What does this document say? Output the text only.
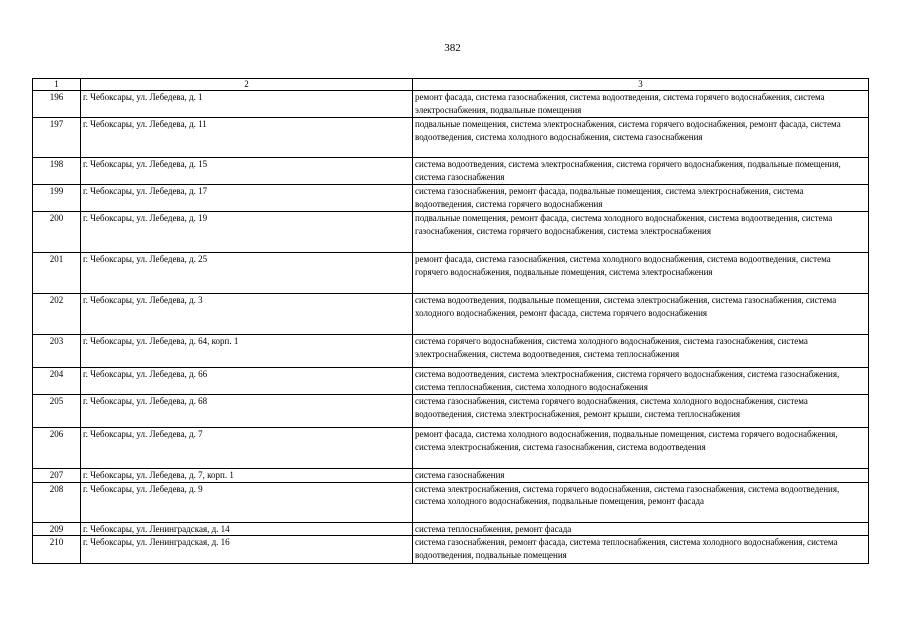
382
1	2	3
196	г. Чебоксары, ул. Лебедева, д. 1	ремонт фасада, система газоснабжения, система водоотведения, система горячего водоснабжения, система электроснабжения, подвальные помещения
197	г. Чебоксары, ул. Лебедева, д. 11	подвальные помещения, система электроснабжения, система горячего водоснабжения, ремонт фасада, система водоотведения, система холодного водоснабжения, система газоснабжения
198	г. Чебоксары, ул. Лебедева, д. 15	система водоотведения, система электроснабжения, система горячего водоснабжения, подвальные помещения, система газоснабжения
199	г. Чебоксары, ул. Лебедева, д. 17	система газоснабжения, ремонт фасада, подвальные помещения, система электроснабжения, система водоотведения, система горячего водоснабжения
200	г. Чебоксары, ул. Лебедева, д. 19	подвальные помещения, ремонт фасада, система холодного водоснабжения, система водоотведения, система газоснабжения, система горячего водоснабжения, система электроснабжения
201	г. Чебоксары, ул. Лебедева, д. 25	ремонт фасада, система газоснабжения, система холодного водоснабжения, система водоотведения, система горячего водоснабжения, подвальные помещения, система электроснабжения
202	г. Чебоксары, ул. Лебедева, д. 3	система водоотведения, подвальные помещения, система электроснабжения, система газоснабжения, система холодного водоснабжения, ремонт фасада, система горячего водоснабжения
203	г. Чебоксары, ул. Лебедева, д. 64, корп. 1	система горячего водоснабжения, система холодного водоснабжения, система газоснабжения, система электроснабжения, система водоотведения, система теплоснабжения
204	г. Чебоксары, ул. Лебедева, д. 66	система водоотведения, система электроснабжения, система горячего водоснабжения, система газоснабжения, система теплоснабжения, система холодного водоснабжения
205	г. Чебоксары, ул. Лебедева, д. 68	система газоснабжения, система горячего водоснабжения, система холодного водоснабжения, система водоотведения, система электроснабжения, ремонт крыши, система теплоснабжения
206	г. Чебоксары, ул. Лебедева, д. 7	ремонт фасада, система холодного водоснабжения, подвальные помещения, система горячего водоснабжения, система электроснабжения, система газоснабжения, система водоотведения
207	г. Чебоксары, ул. Лебедева, д. 7, корп. 1	система газоснабжения
208	г. Чебоксары, ул. Лебедева, д. 9	система электроснабжения, система горячего водоснабжения, система газоснабжения, система водоотведения, система холодного водоснабжения, подвальные помещения, ремонт фасада
209	г. Чебоксары, ул. Ленинградская, д. 14	система теплоснабжения, ремонт фасада
210	г. Чебоксары, ул. Ленинградская, д. 16	система газоснабжения, ремонт фасада, система теплоснабжения, система холодного водоснабжения, система водоотведения, подвальные помещения
